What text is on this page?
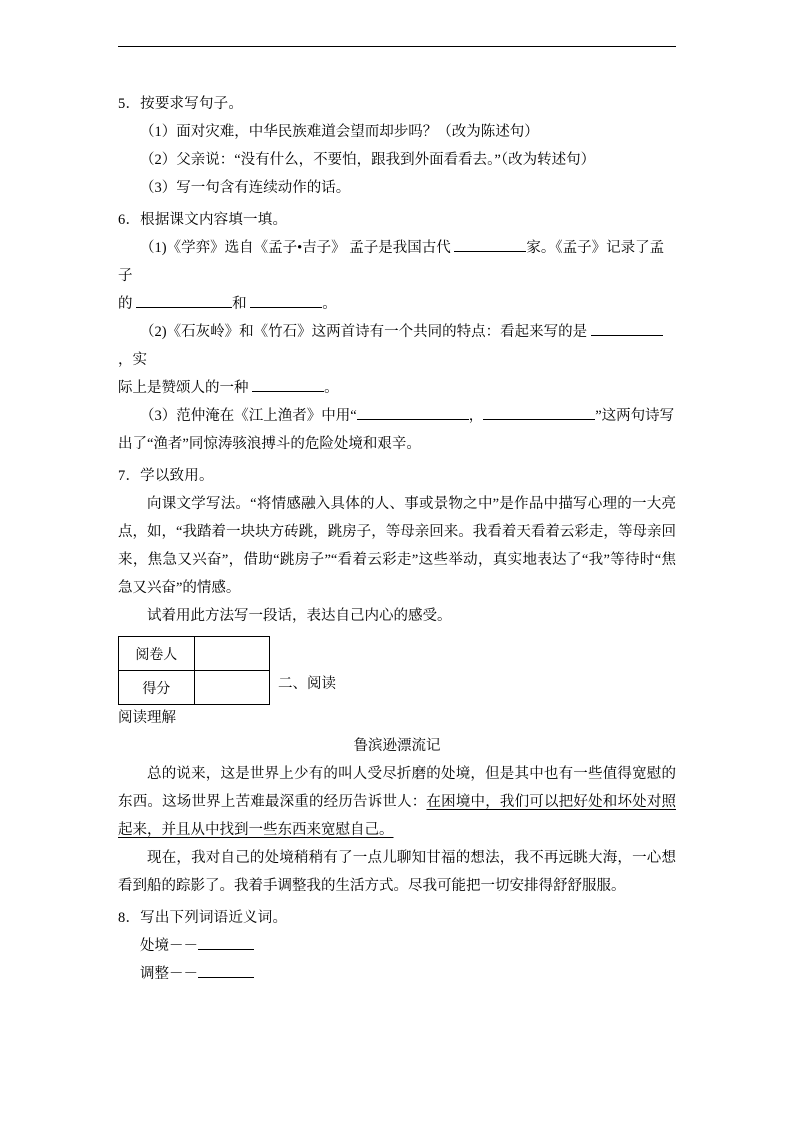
5．按要求写句子。
（1）面对灾难，中华民族难道会望而却步吗？（改为陈述句）
（2）父亲说：“没有什么，不要怕，跟我到外面看看去。”（改为转述句）
（3）写一句含有连续动作的话。
6．根据课文内容填一填。
（1)《学弈》选自《孟子•吉子》 孟子是我国古代	家。《孟子》记录了孟子
的	和	。
（2)《石灰岭》和《竹石》这两首诗有一个共同的特点：看起来写的是 ，实
际上是赞颂人的一种	。
（3）范仲淹在《江上渔者》中用“	，	”这两句诗写
出了“渔者”同惊涛骇浪搏斗的危险处境和艰辛。
7．学以致用。
向课文学写法。“将情感融入具体的人、事或景物之中”是作品中描写心理的一大亮点，如，“我踏着一块块方砖跳，跳房子，等母亲回来。我看着天看着云彩走，等母亲回来，焦急又兴奋”，借助“跳房子”“看着云彩走”这些举动，真实地表达了“我”等待时“焦急又兴奋”的情感。
试着用此方法写一段话，表达自己内心的感受。
阅卷人	
得分		二、阅读
阅读理解
鲁滨逊漂流记
总的说来，这是世界上少有的叫人受尽折磨的处境，但是其中也有一些值得宽慰的东西。这场世界上苦难最深重的经历告诉世人：在困境中，我们可以把好处和坏处对照起来，并且从中找到一些东西来宽慰自己。
现在，我对自己的处境稍稍有了一点儿聊知甘福的想法，我不再远眺大海，一心想看到船的踪影了。我着手调整我的生活方式。尽我可能把一切安排得舒舒服服。
8．写出下列词语近义词。
处境－－
调整－－
